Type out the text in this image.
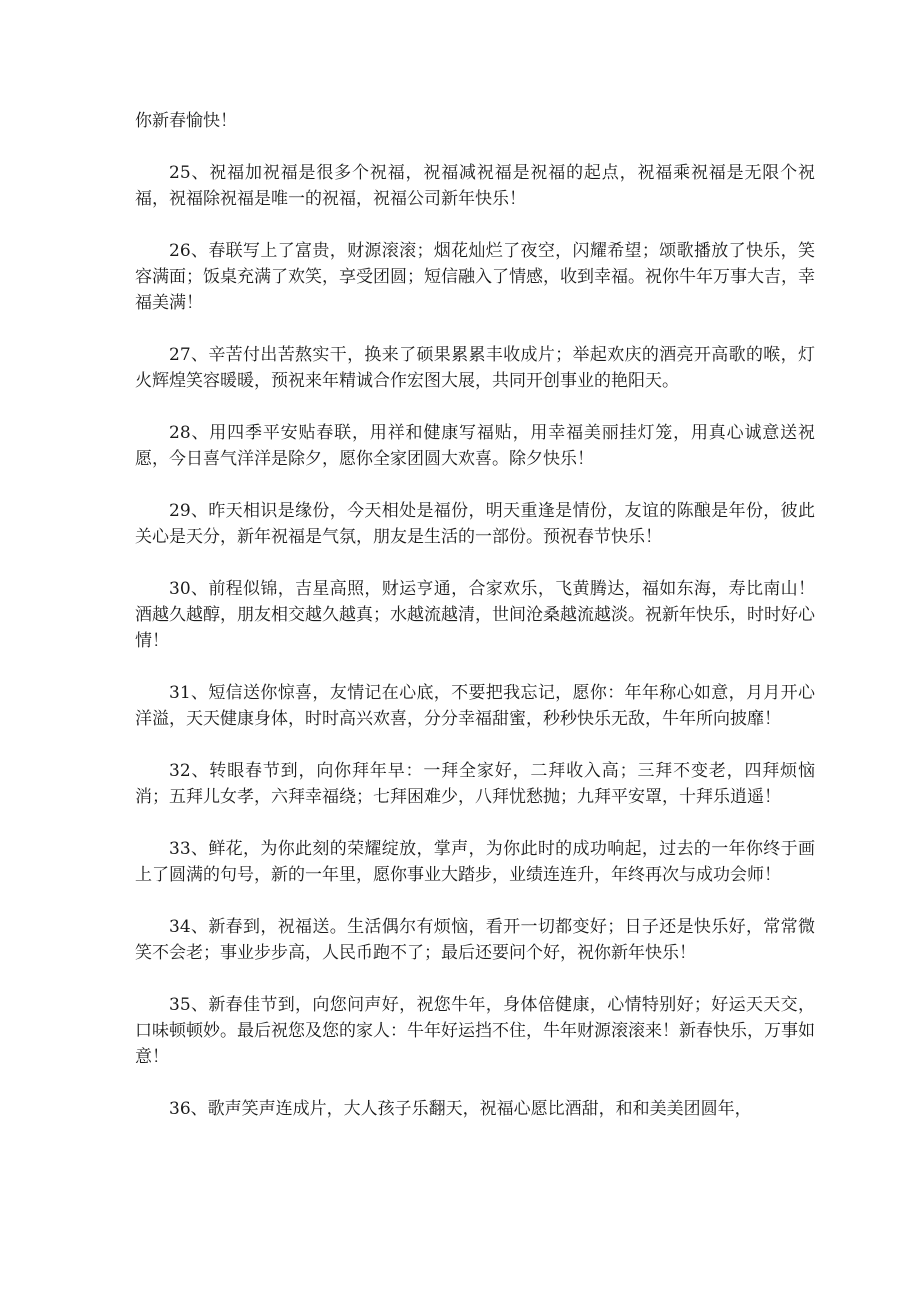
你新春愉快！

25、祝福加祝福是很多个祝福，祝福减祝福是祝福的起点，祝福乘祝福是无限个祝福，祝福除祝福是唯一的祝福，祝福公司新年快乐！

26、春联写上了富贵，财源滚滚；烟花灿烂了夜空，闪耀希望；颂歌播放了快乐，笑容满面；饭桌充满了欢笑，享受团圆；短信融入了情感，收到幸福。祝你牛年万事大吉，幸福美满！

27、辛苦付出苦熬实干，换来了硕果累累丰收成片；举起欢庆的酒亮开高歌的喉，灯火辉煌笑容暖暖，预祝来年精诚合作宏图大展，共同开创事业的艳阳天。

28、用四季平安贴春联，用祥和健康写福贴，用幸福美丽挂灯笼，用真心诚意送祝愿，今日喜气洋洋是除夕，愿你全家团圆大欢喜。除夕快乐！

29、昨天相识是缘份，今天相处是福份，明天重逢是情份，友谊的陈酿是年份，彼此关心是天分，新年祝福是气氛，朋友是生活的一部份。预祝春节快乐！

30、前程似锦，吉星高照，财运亨通，合家欢乐，飞黄腾达，福如东海，寿比南山！酒越久越醇，朋友相交越久越真；水越流越清，世间沧桑越流越淡。祝新年快乐，时时好心情！

31、短信送你惊喜，友情记在心底，不要把我忘记，愿你：年年称心如意，月月开心洋溢，天天健康身体，时时高兴欢喜，分分幸福甜蜜，秒秒快乐无敌，牛年所向披靡！

32、转眼春节到，向你拜年早：一拜全家好，二拜收入高；三拜不变老，四拜烦恼消；五拜儿女孝，六拜幸福绕；七拜困难少，八拜忧愁抛；九拜平安罩，十拜乐逍遥！

33、鲜花，为你此刻的荣耀绽放，掌声，为你此时的成功响起，过去的一年你终于画上了圆满的句号，新的一年里，愿你事业大踏步，业绩连连升，年终再次与成功会师！

34、新春到，祝福送。生活偶尔有烦恼，看开一切都变好；日子还是快乐好，常常微笑不会老；事业步步高，人民币跑不了；最后还要问个好，祝你新年快乐！

35、新春佳节到，向您问声好，祝您牛年，身体倍健康，心情特别好；好运天天交，口味顿顿妙。最后祝您及您的家人：牛年好运挡不住，牛年财源滚滚来！新春快乐，万事如意！

36、歌声笑声连成片，大人孩子乐翻天，祝福心愿比酒甜，和和美美团圆年，
